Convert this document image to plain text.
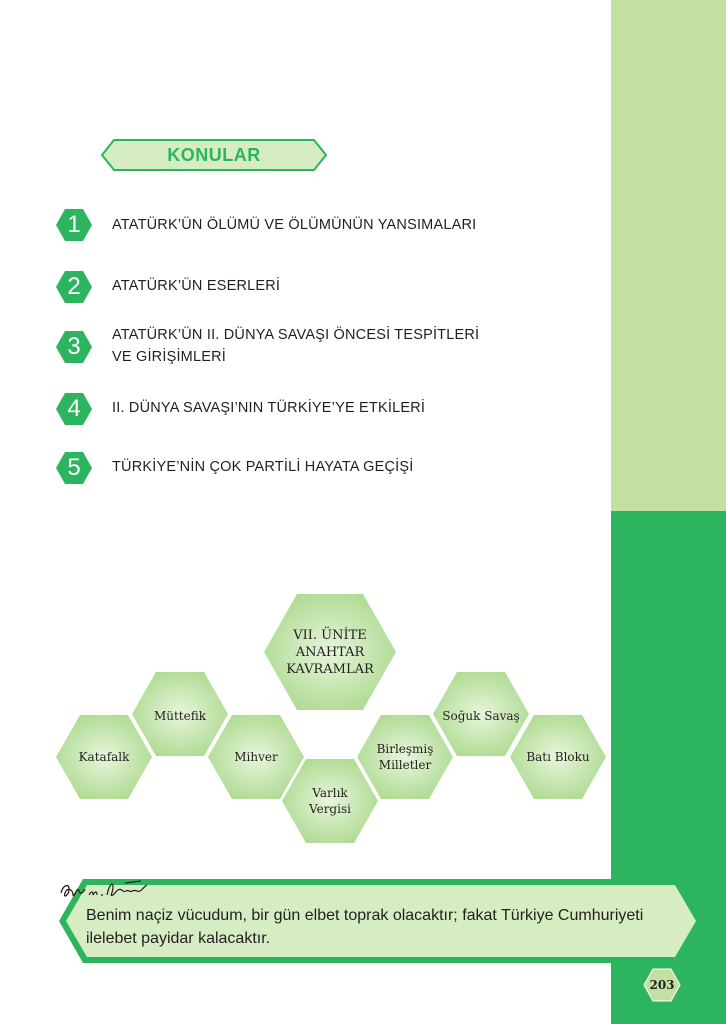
KONULAR
1	ATATÜRK’ÜN ÖLÜMÜ VE ÖLÜMÜNÜN YANSIMALARI
2	ATATÜRK’ÜN ESERLERİ
3	ATATÜRK’ÜN II. DÜNYA SAVAŞI ÖNCESİ TESPİTLERİ
VE GİRİŞİMLERİ
4	II. DÜNYA SAVAŞI’NIN TÜRKİYE’YE ETKİLERİ
5	TÜRKİYE’NİN ÇOK PARTİLİ HAYATA GEÇİŞİ
VII. ÜNİTE
ANAHTAR
KAVRAMLAR
Müttefik
Katafalk	Mihver
Varlık
Vergisi
Birleşmiş
Milletler
Soğuk Savaş
Batı Bloku
Benim naçiz vücudum, bir gün elbet toprak olacaktır; fakat Türkiye Cumhuriyeti
ilelebet payidar kalacaktır.
203
